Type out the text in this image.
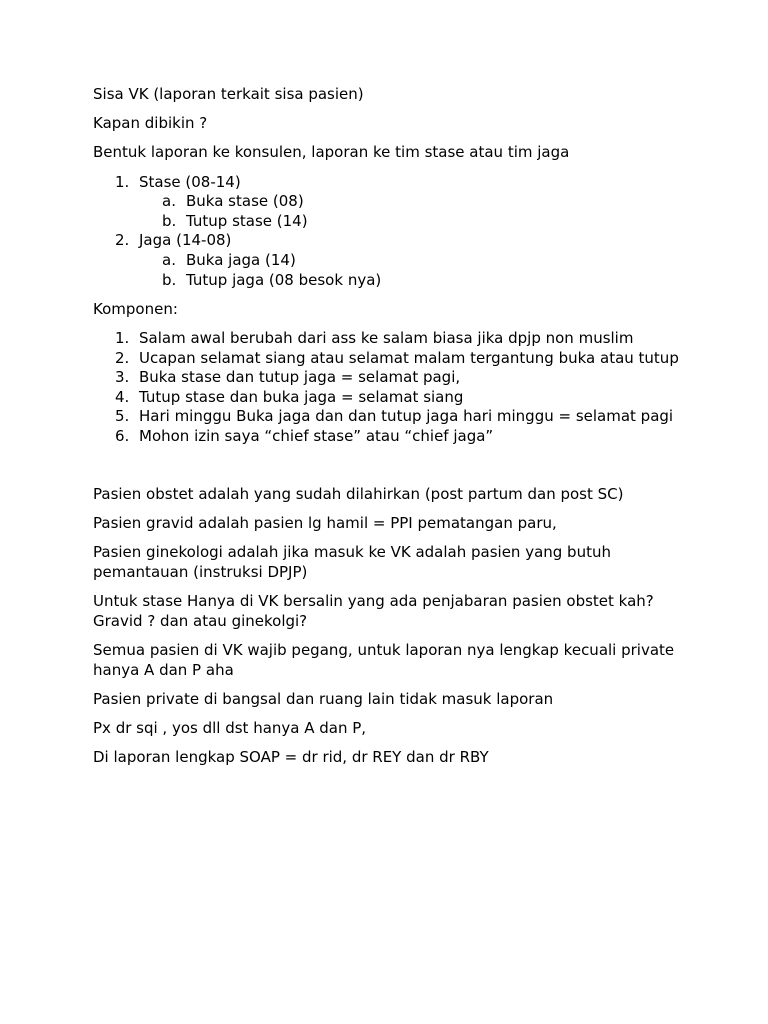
Sisa VK (laporan terkait sisa pasien)

Kapan dibikin ?

Bentuk laporan ke konsulen, laporan ke tim stase atau tim jaga

1. Stase (08-14)
a. Buka stase (08)
b. Tutup stase (14)
2. Jaga (14-08)
a. Buka jaga (14)
b. Tutup jaga (08 besok nya)

Komponen:

1. Salam awal berubah dari ass ke salam biasa jika dpjp non muslim
2. Ucapan selamat siang atau selamat malam tergantung buka atau tutup
3. Buka stase dan tutup jaga = selamat pagi,
4. Tutup stase dan buka jaga = selamat siang
5. Hari minggu Buka jaga dan dan tutup jaga hari minggu = selamat pagi
6. Mohon izin saya “chief stase” atau “chief jaga”

Pasien obstet adalah yang sudah dilahirkan (post partum dan post SC)

Pasien gravid adalah pasien lg hamil = PPI pematangan paru,

Pasien ginekologi adalah jika masuk ke VK adalah pasien yang butuh pemantauan (instruksi DPJP)

Untuk stase Hanya di VK bersalin yang ada penjabaran pasien obstet kah? Gravid ? dan atau ginekolgi?

Semua pasien di VK wajib pegang, untuk laporan nya lengkap kecuali private hanya A dan P aha

Pasien private di bangsal dan ruang lain tidak masuk laporan

Px dr sqi , yos dll dst hanya A dan P,

Di laporan lengkap SOAP = dr rid, dr REY dan dr RBY
